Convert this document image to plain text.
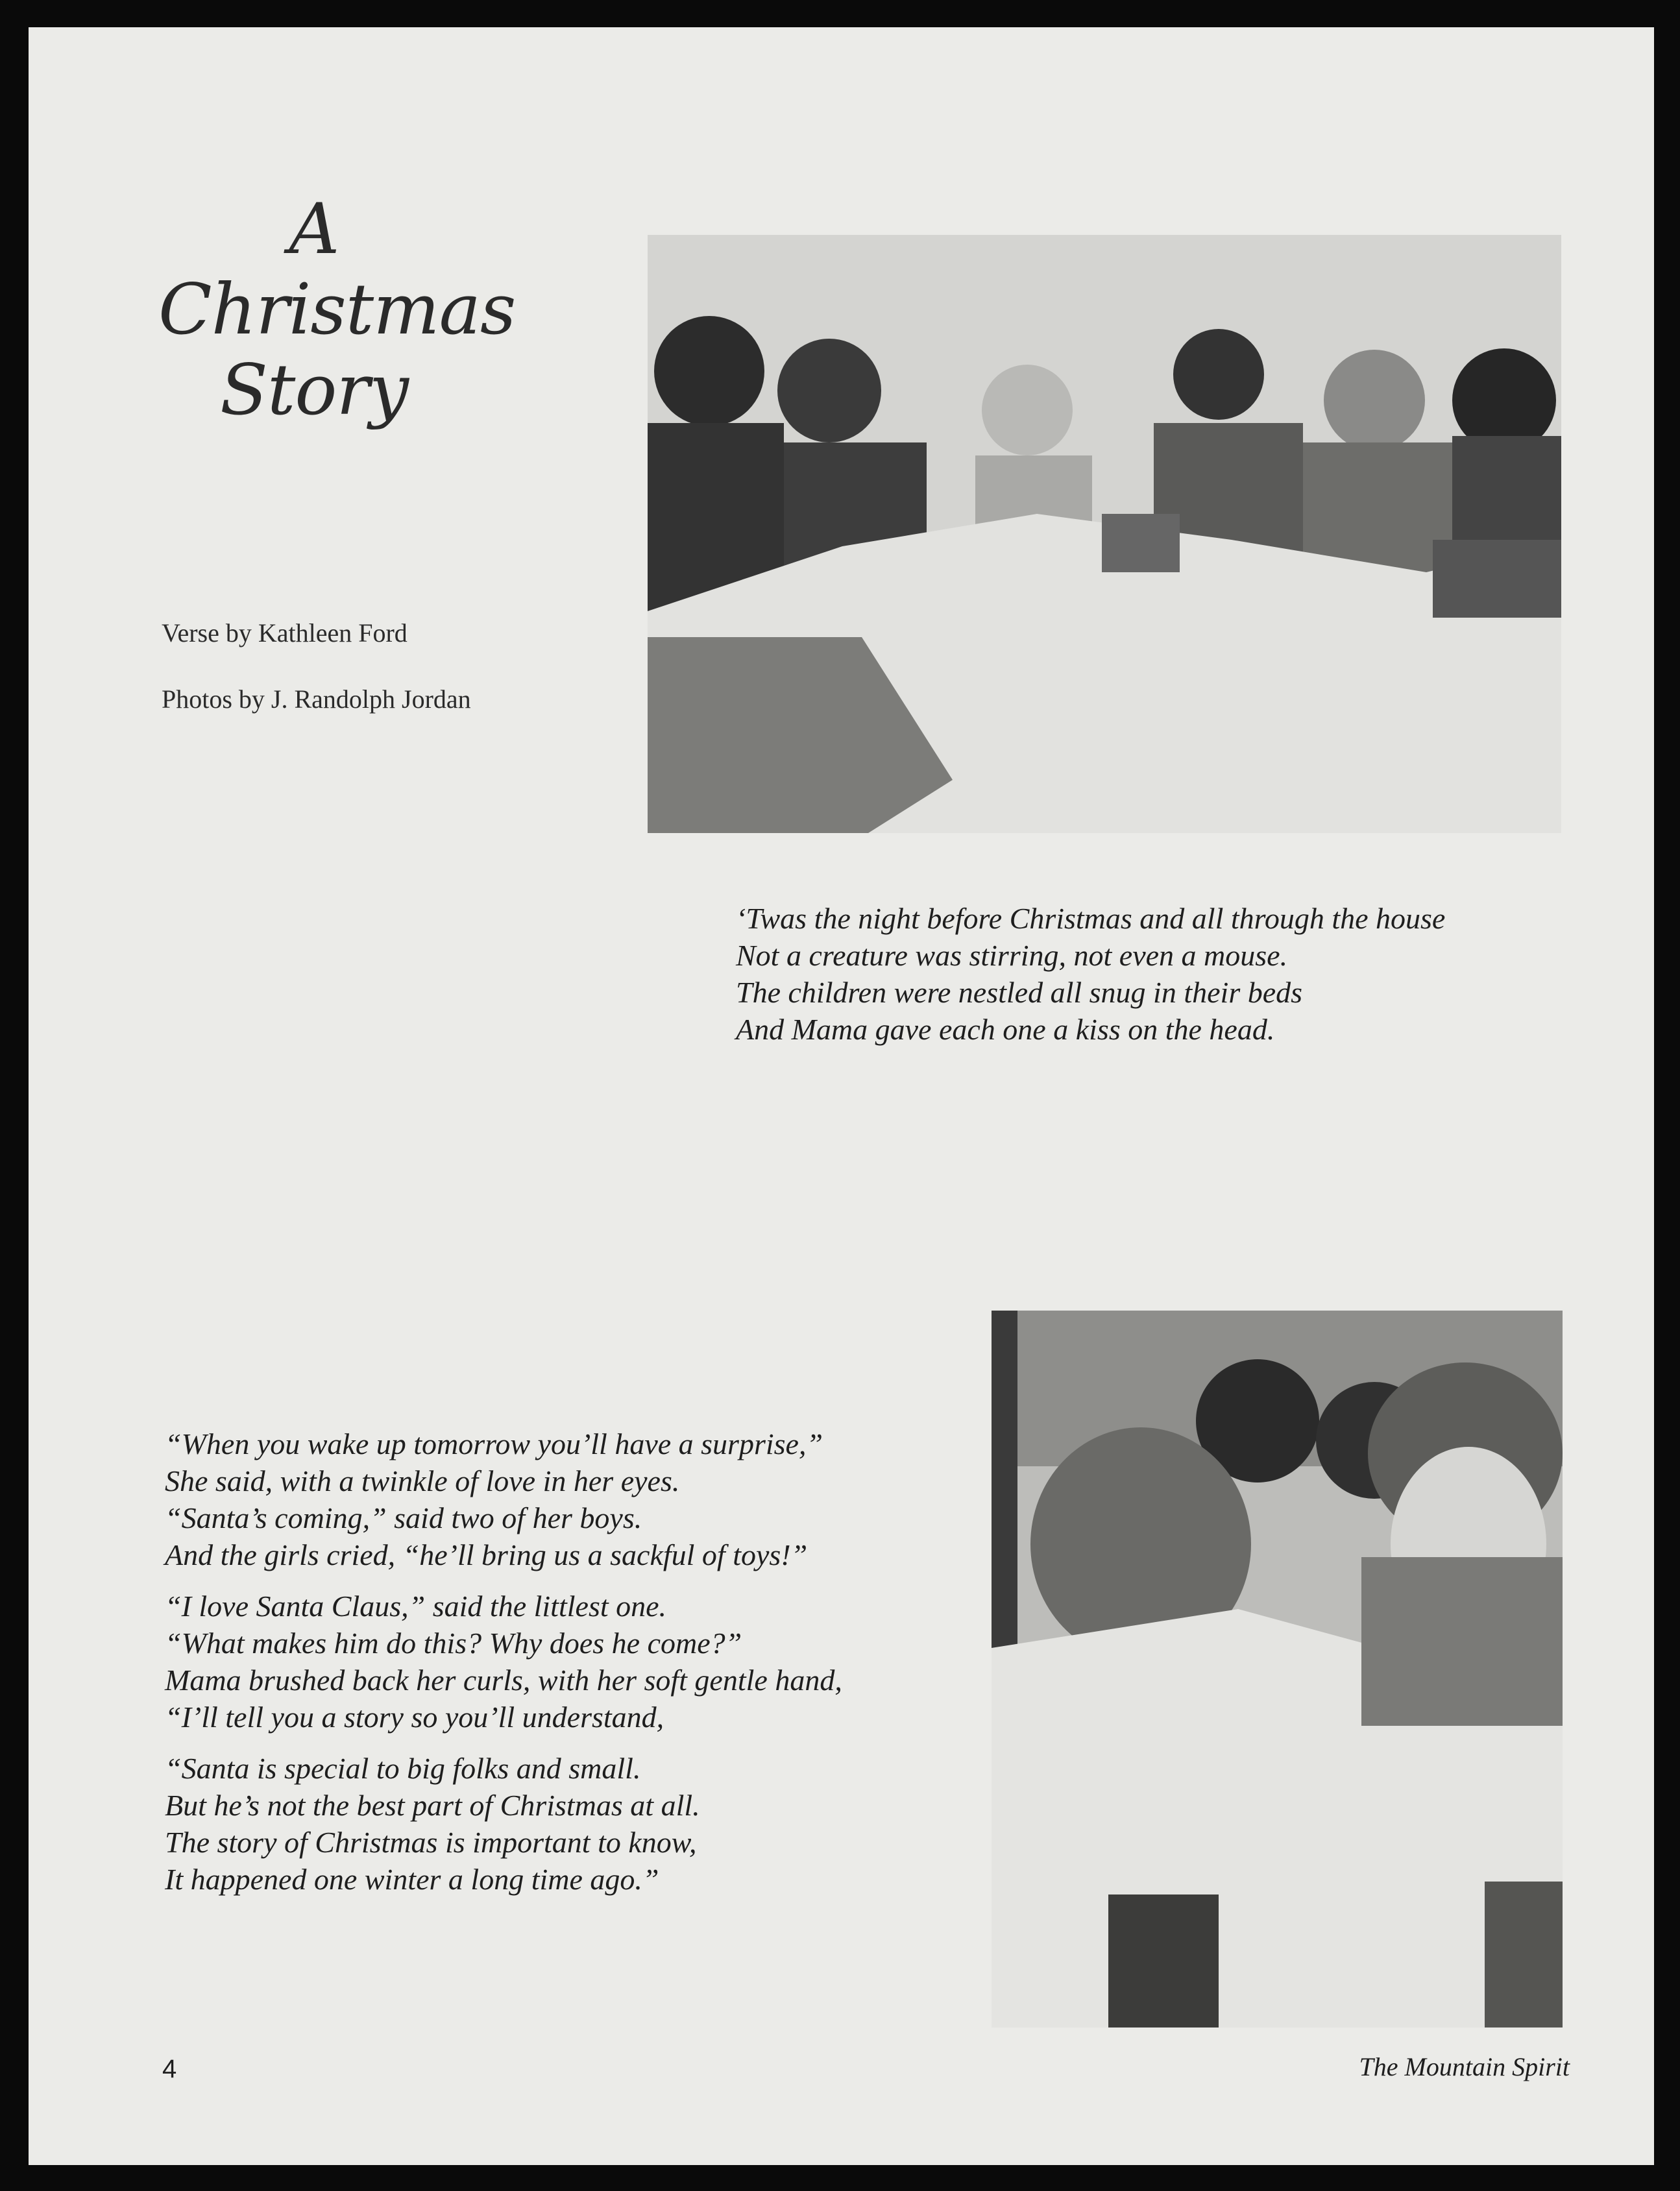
A
Christmas
Story
Verse by Kathleen Ford
Photos by J. Randolph Jordan
‘Twas the night before Christmas and all through the house
Not a creature was stirring, not even a mouse.
The children were nestled all snug in their beds
And Mama gave each one a kiss on the head.
“When you wake up tomorrow you’ll have a surprise,”
She said, with a twinkle of love in her eyes.
“Santa’s coming,” said two of her boys.
And the girls cried, “he’ll bring us a sackful of toys!”
“I love Santa Claus,” said the littlest one.
“What makes him do this? Why does he come?”
Mama brushed back her curls, with her soft gentle hand,
“I’ll tell you a story so you’ll understand,
“Santa is special to big folks and small.
But he’s not the best part of Christmas at all.
The story of Christmas is important to know,
It happened one winter a long time ago.”
4	The Mountain Spirit
